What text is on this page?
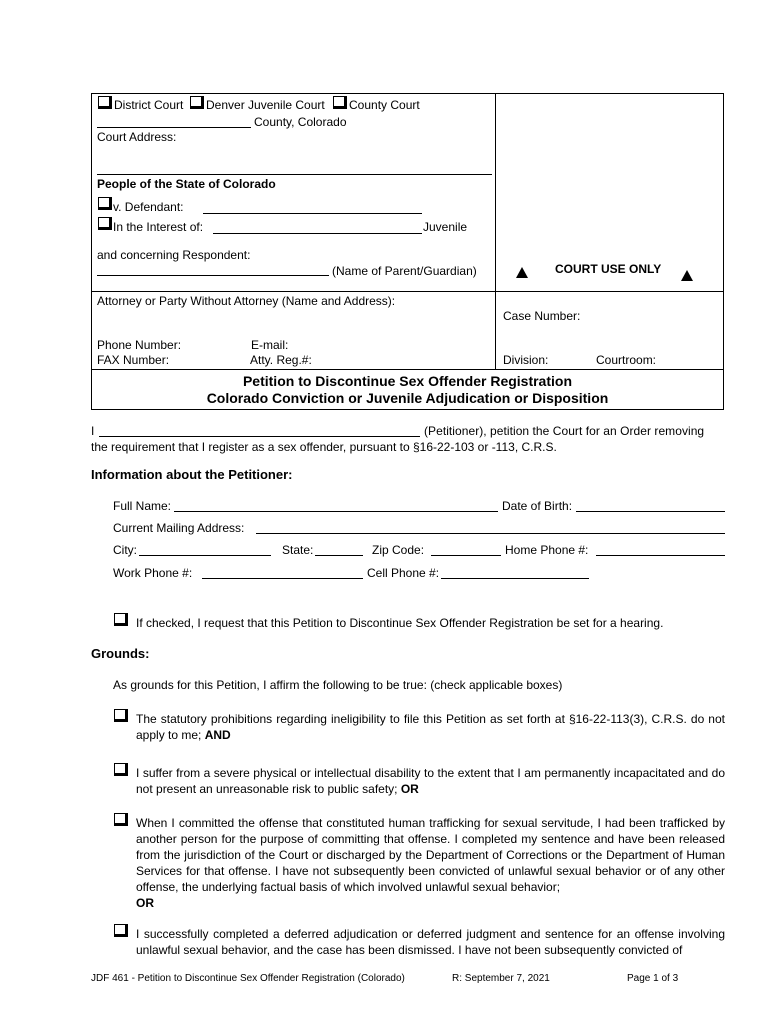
District Court Denver Juvenile Court County Court
County, Colorado
Court Address:
People of the State of Colorado
v. Defendant:
In the Interest of:	Juvenile
and concerning Respondent:
(Name of Parent/Guardian)	COURT USE ONLY
Attorney or Party Without Attorney (Name and Address):
Phone Number:	E-mail:
FAX Number:	Atty. Reg.#:
Case Number:
Division:	Courtroom:
Petition to Discontinue Sex Offender Registration
Colorado Conviction or Juvenile Adjudication or Disposition
I	(Petitioner), petition the Court for an Order removing
the requirement that I register as a sex offender, pursuant to §16-22-103 or -113, C.R.S.
Information about the Petitioner:
Full Name:	Date of Birth:
Current Mailing Address:
City:	State:	Zip Code:	Home Phone #:
Work Phone #:	Cell Phone #:
If checked, I request that this Petition to Discontinue Sex Offender Registration be set for a hearing.
Grounds:
As grounds for this Petition, I affirm the following to be true: (check applicable boxes)
The statutory prohibitions regarding ineligibility to file this Petition as set forth at §16-22-113(3), C.R.S. do not apply to me; AND
I suffer from a severe physical or intellectual disability to the extent that I am permanently incapacitated and do not present an unreasonable risk to public safety; OR
When I committed the offense that constituted human trafficking for sexual servitude, I had been trafficked by another person for the purpose of committing that offense. I completed my sentence and have been released from the jurisdiction of the Court or discharged by the Department of Corrections or the Department of Human Services for that offense. I have not subsequently been convicted of unlawful sexual behavior or of any other offense, the underlying factual basis of which involved unlawful sexual behavior;
OR
I successfully completed a deferred adjudication or deferred judgment and sentence for an offense involving unlawful sexual behavior, and the case has been dismissed. I have not been subsequently convicted of
JDF 461 - Petition to Discontinue Sex Offender Registration (Colorado)	R: September 7, 2021	Page 1 of 3
